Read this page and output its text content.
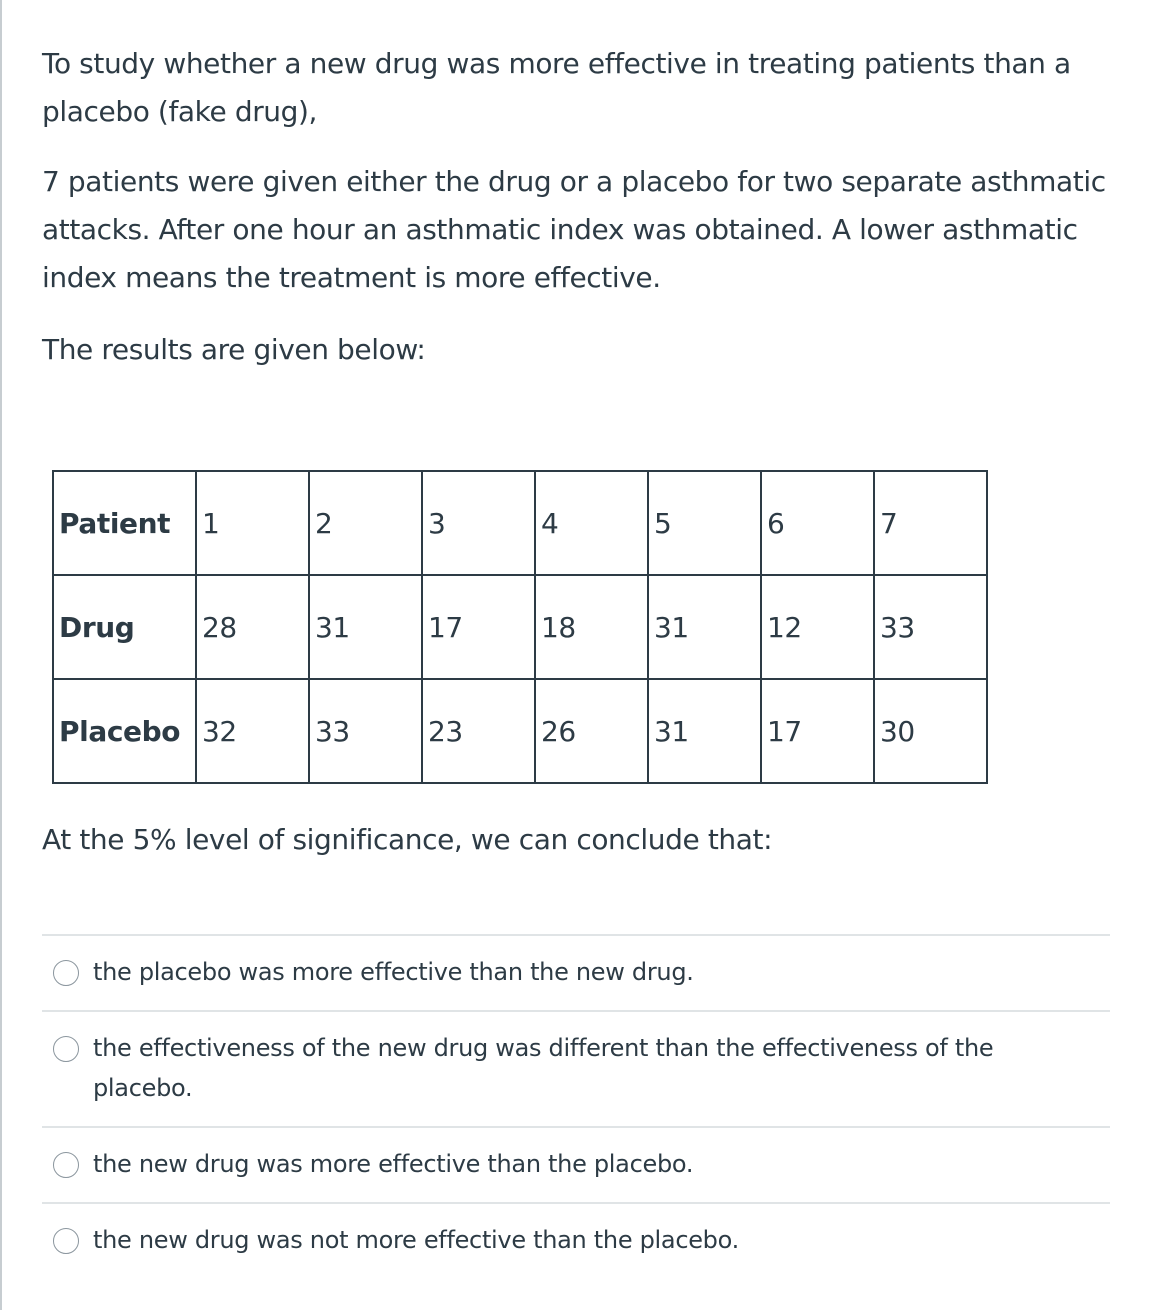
To study whether a new drug was more effective in treating patients than a placebo (fake drug),

7 patients were given either the drug or a placebo for two separate asthmatic attacks. After one hour an asthmatic index was obtained. A lower asthmatic index means the treatment is more effective.

The results are given below:

Patient	1	2	3	4	5	6	7
Drug	28	31	17	18	31	12	33
Placebo	32	33	23	26	31	17	30

At the 5% level of significance, we can conclude that:

the placebo was more effective than the new drug.
the effectiveness of the new drug was different than the effectiveness of the placebo.
the new drug was more effective than the placebo.
the new drug was not more effective than the placebo.
